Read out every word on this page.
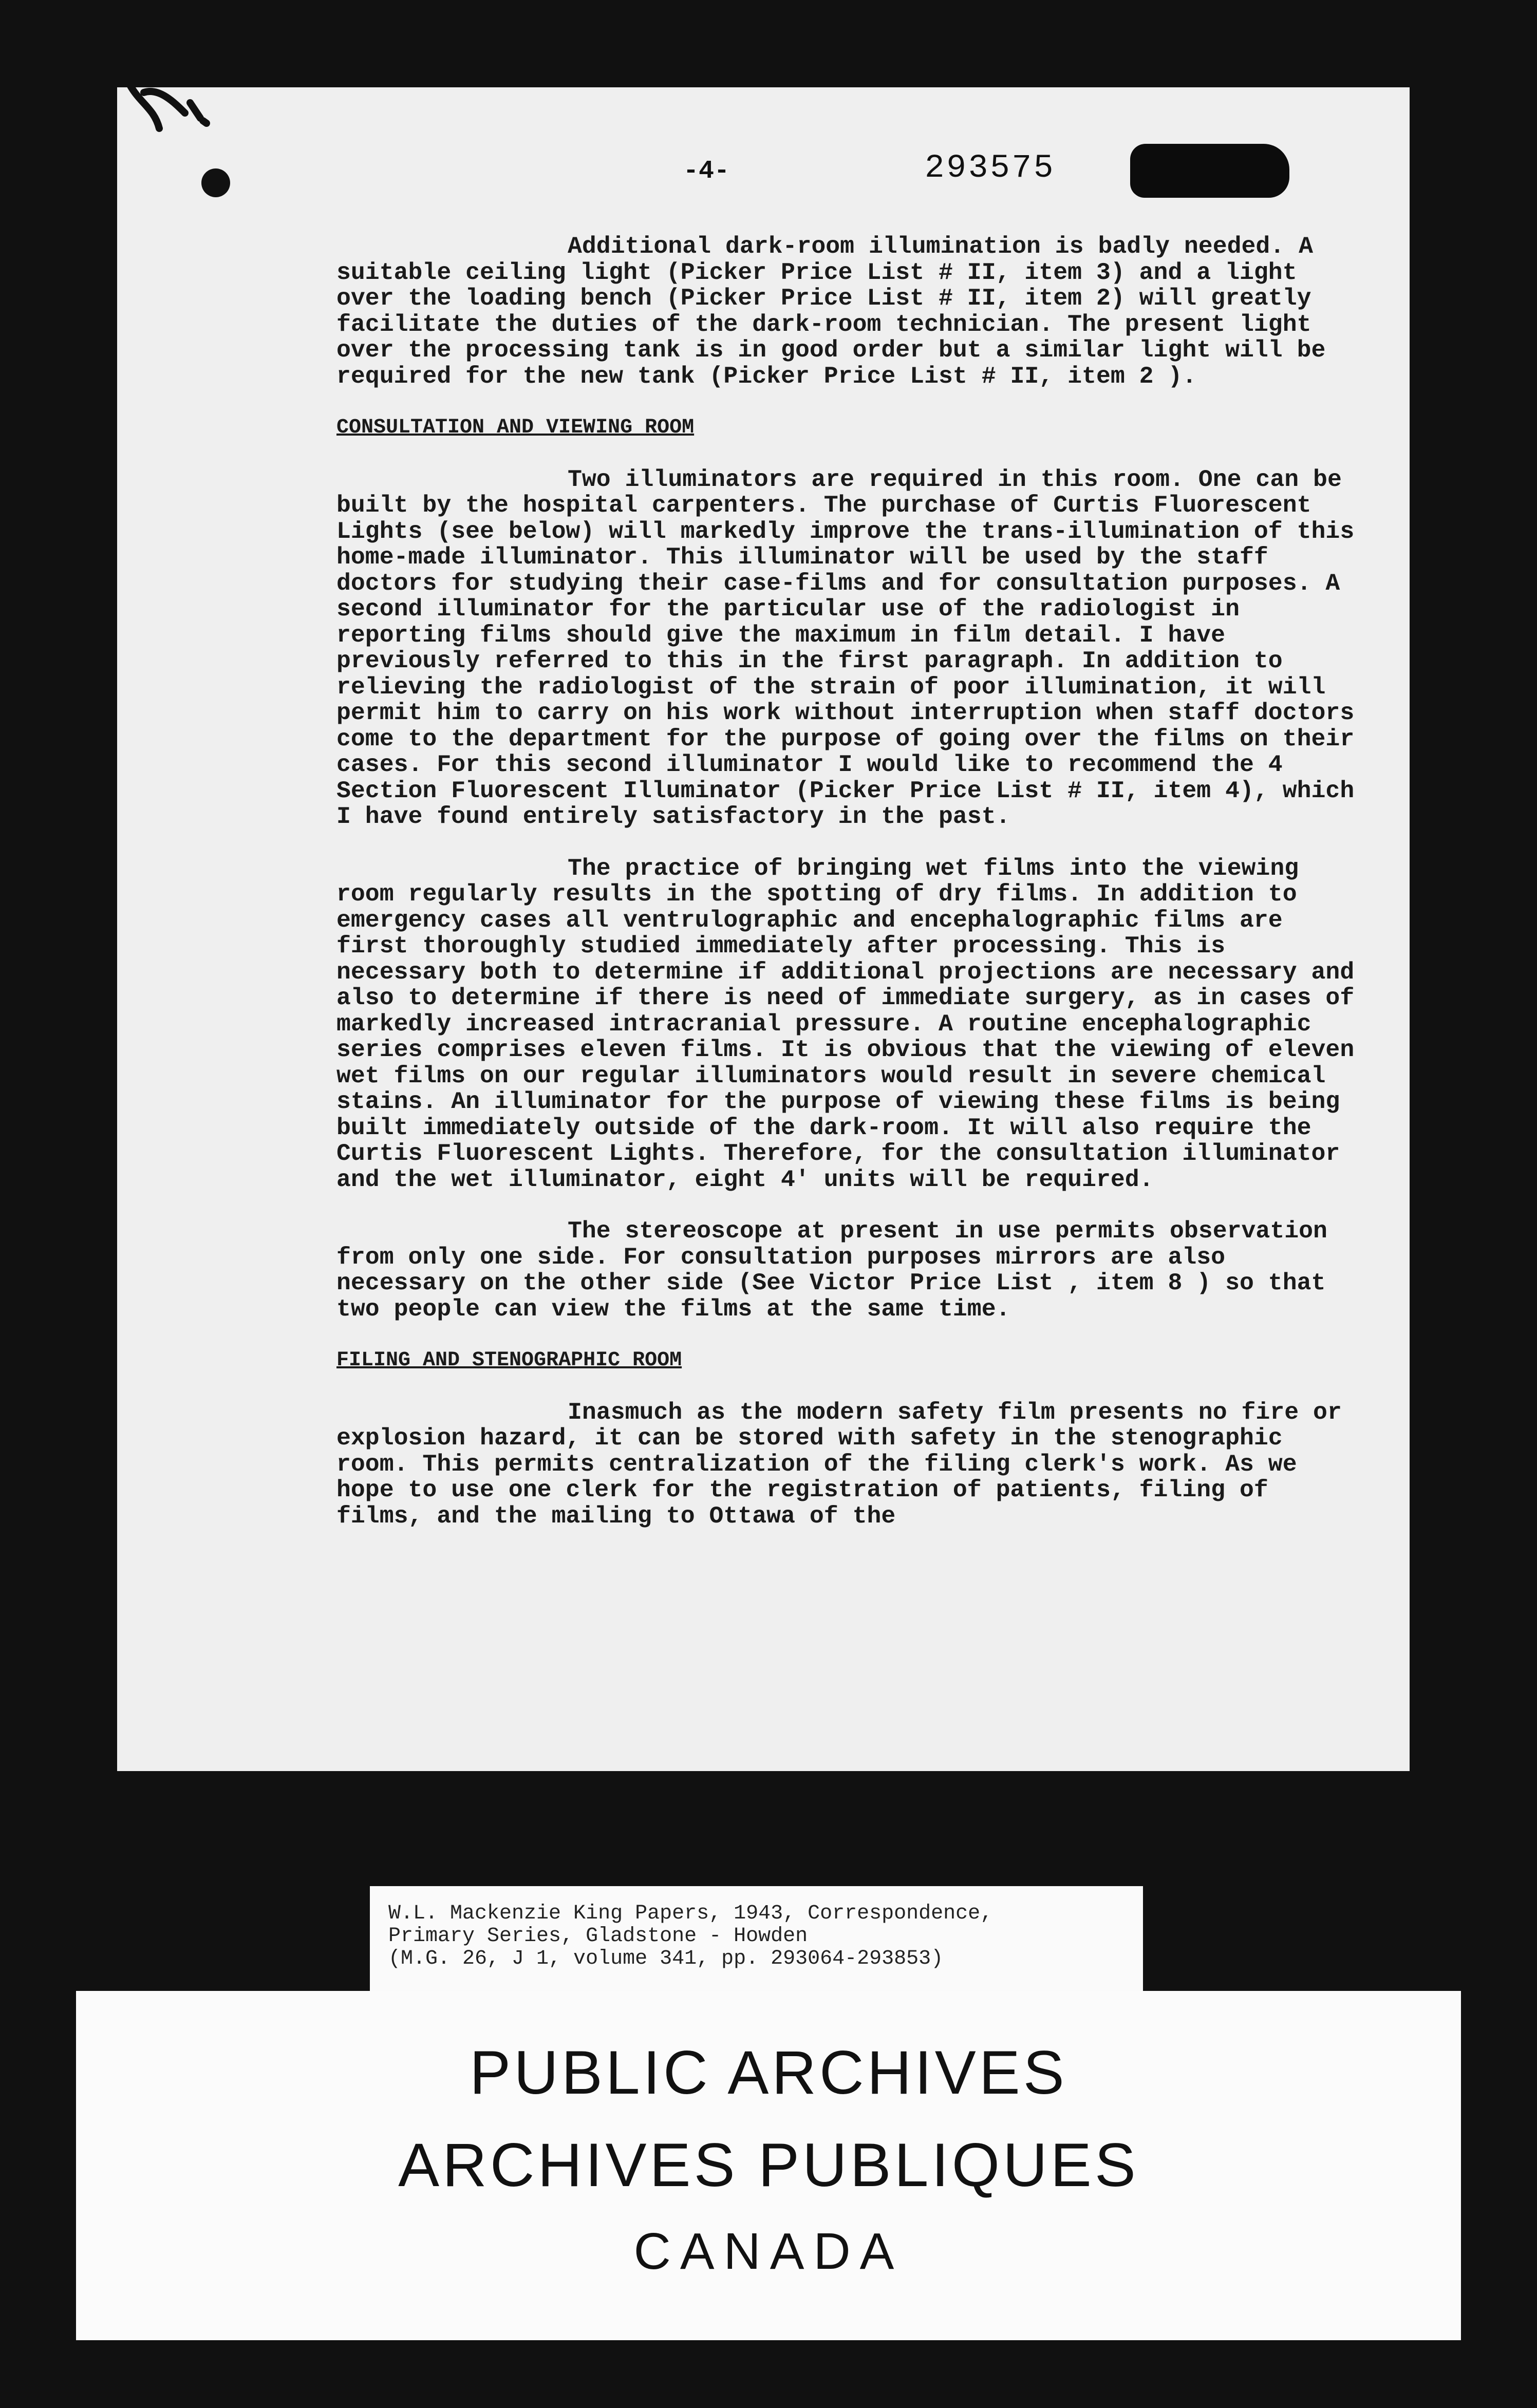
-4-	293575

Additional dark-room illumination is badly needed. A suitable ceiling light (Picker Price List # II, item 3) and a light over the loading bench (Picker Price List # II, item 2) will greatly facilitate the duties of the dark-room technician. The present light over the processing tank is in good order but a similar light will be required for the new tank (Picker Price List # II, item 2 ).

CONSULTATION AND VIEWING ROOM

Two illuminators are required in this room. One can be built by the hospital carpenters. The purchase of Curtis Fluorescent Lights (see below) will markedly improve the trans-illumination of this home-made illuminator. This illuminator will be used by the staff doctors for studying their case-films and for consultation purposes. A second illuminator for the particular use of the radiologist in reporting films should give the maximum in film detail. I have previously referred to this in the first paragraph. In addition to relieving the radiologist of the strain of poor illumination, it will permit him to carry on his work without interruption when staff doctors come to the department for the purpose of going over the films on their cases. For this second illuminator I would like to recommend the 4 Section Fluorescent Illuminator (Picker Price List # II, item 4), which I have found entirely satisfactory in the past.

The practice of bringing wet films into the viewing room regularly results in the spotting of dry films. In addition to emergency cases all ventrulographic and encephalographic films are first thoroughly studied immediately after processing. This is necessary both to determine if additional projections are necessary and also to determine if there is need of immediate surgery, as in cases of markedly increased intracranial pressure. A routine encephalographic series comprises eleven films. It is obvious that the viewing of eleven wet films on our regular illuminators would result in severe chemical stains. An illuminator for the purpose of viewing these films is being built immediately outside of the dark-room. It will also require the Curtis Fluorescent Lights. Therefore, for the consultation illuminator and the wet illuminator, eight 4' units will be required.

The stereoscope at present in use permits observation from only one side. For consultation purposes mirrors are also necessary on the other side (See Victor Price List , item 8 ) so that two people can view the films at the same time.

FILING AND STENOGRAPHIC ROOM

Inasmuch as the modern safety film presents no fire or explosion hazard, it can be stored with safety in the stenographic room. This permits centralization of the filing clerk's work. As we hope to use one clerk for the registration of patients, filing of films, and the mailing to Ottawa of the

W.L. Mackenzie King Papers, 1943, Correspondence,
Primary Series, Gladstone - Howden
(M.G. 26, J 1, volume 341, pp. 293064-293853)
PUBLIC ARCHIVES
ARCHIVES PUBLIQUES
CANADA
